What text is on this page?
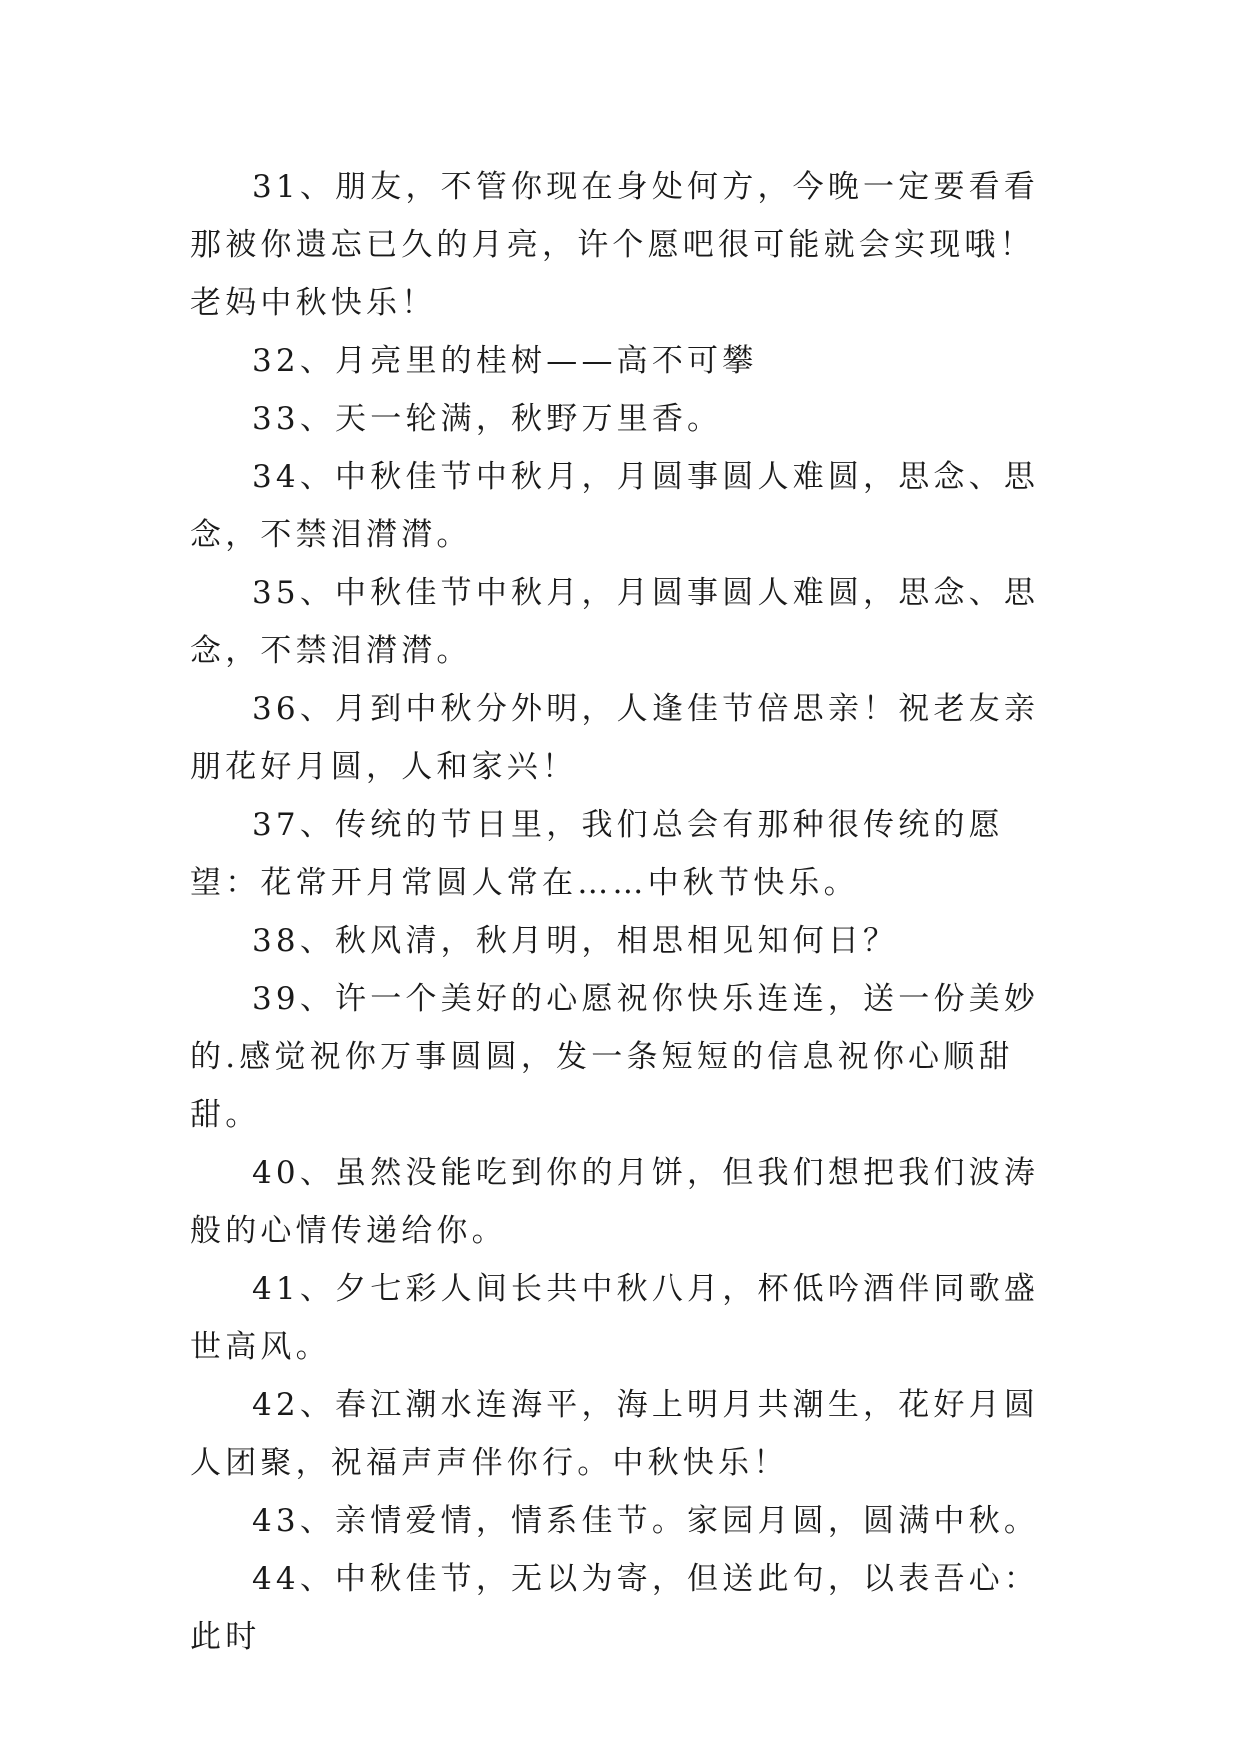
31、朋友，不管你现在身处何方，今晚一定要看看那被你遗忘已久的月亮，许个愿吧很可能就会实现哦！老妈中秋快乐！

32、月亮里的桂树——高不可攀

33、天一轮满，秋野万里香。

34、中秋佳节中秋月，月圆事圆人难圆，思念、思念，不禁泪潸潸。

35、中秋佳节中秋月，月圆事圆人难圆，思念、思念，不禁泪潸潸。

36、月到中秋分外明，人逢佳节倍思亲！祝老友亲朋花好月圆，人和家兴！

37、传统的节日里，我们总会有那种很传统的愿望：花常开月常圆人常在……中秋节快乐。

38、秋风清，秋月明，相思相见知何日？

39、许一个美好的心愿祝你快乐连连，送一份美妙的.感觉祝你万事圆圆，发一条短短的信息祝你心顺甜甜。

40、虽然没能吃到你的月饼，但我们想把我们波涛般的心情传递给你。

41、夕七彩人间长共中秋八月，杯低吟酒伴同歌盛世高风。

42、春江潮水连海平，海上明月共潮生，花好月圆人团聚，祝福声声伴你行。中秋快乐！

43、亲情爱情，情系佳节。家园月圆，圆满中秋。

44、中秋佳节，无以为寄，但送此句，以表吾心：此时
